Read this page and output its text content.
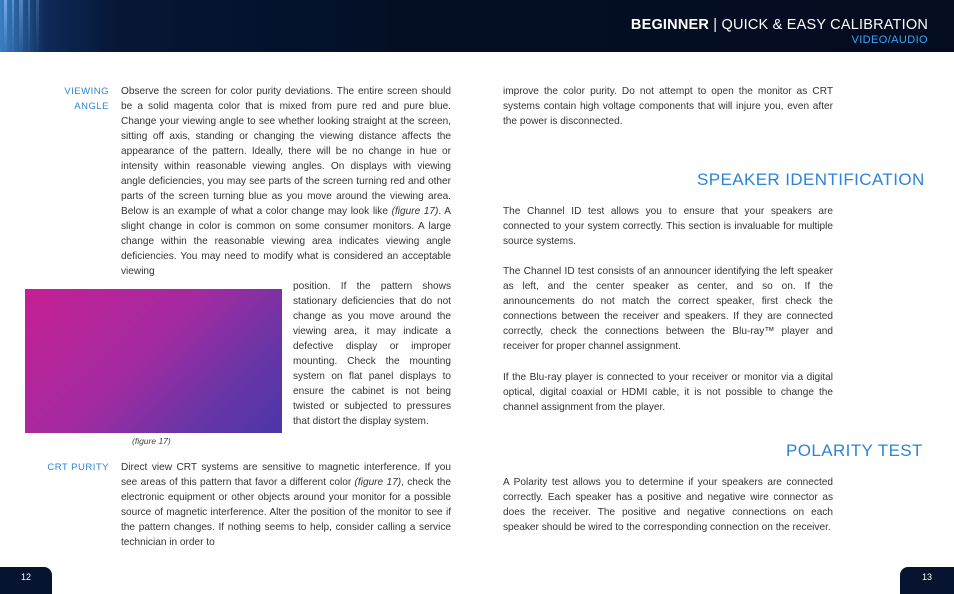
BEGINNER | QUICK & EASY CALIBRATION
VIDEO/AUDIO
VIEWING
ANGLE
Observe the screen for color purity deviations. The entire screen should be a solid magenta color that is mixed from pure red and pure blue. Change your viewing angle to see whether looking straight at the screen, sitting off axis, standing or changing the viewing distance affects the appearance of the pattern. Ideally, there will be no change in hue or intensity within reasonable viewing angles. On displays with viewing angle deficiencies, you may see parts of the screen turning red and other parts of the screen turning blue as you move around the viewing area. Below is an example of what a color change may look like (figure 17). A slight change in color is common on some consumer monitors. A large change within the reasonable viewing area indicates viewing angle deficiencies. You may need to modify what is considered an acceptable viewing
(figure 17)
position. If the pattern shows stationary deficiencies that do not change as you move around the viewing area, it may indicate a defective display or improper mounting. Check the mounting system on flat panel displays to ensure the cabinet is not being twisted or subjected to pressures that distort the display system.
CRT PURITY Direct view CRT systems are sensitive to magnetic interference. If you see areas of this pattern that favor a different color (figure 17), check the electronic equipment or other objects around your monitor for a possible source of magnetic interference. Alter the position of the monitor to see if the pattern changes. If nothing seems to help, consider calling a service technician in order to
improve the color purity. Do not attempt to open the monitor as CRT systems contain high voltage components that will injure you, even after the power is disconnected.
SPEAKER IDENTIFICATION
The Channel ID test allows you to ensure that your speakers are connected to your system correctly. This section is invaluable for multiple source systems.
The Channel ID test consists of an announcer identifying the left speaker as left, and the center speaker as center, and so on. If the announcements do not match the correct speaker, first check the connections between the receiver and speakers. If they are connected correctly, check the connections between the Blu-ray™ player and receiver for proper channel assignment.
If the Blu-ray player is connected to your receiver or monitor via a digital optical, digital coaxial or HDMI cable, it is not possible to change the channel assignment from the player.
POLARITY TEST
A Polarity test allows you to determine if your speakers are connected correctly. Each speaker has a positive and negative wire connector as does the receiver. The positive and negative connections on each speaker should be wired to the corresponding connection on the receiver.
12	13
